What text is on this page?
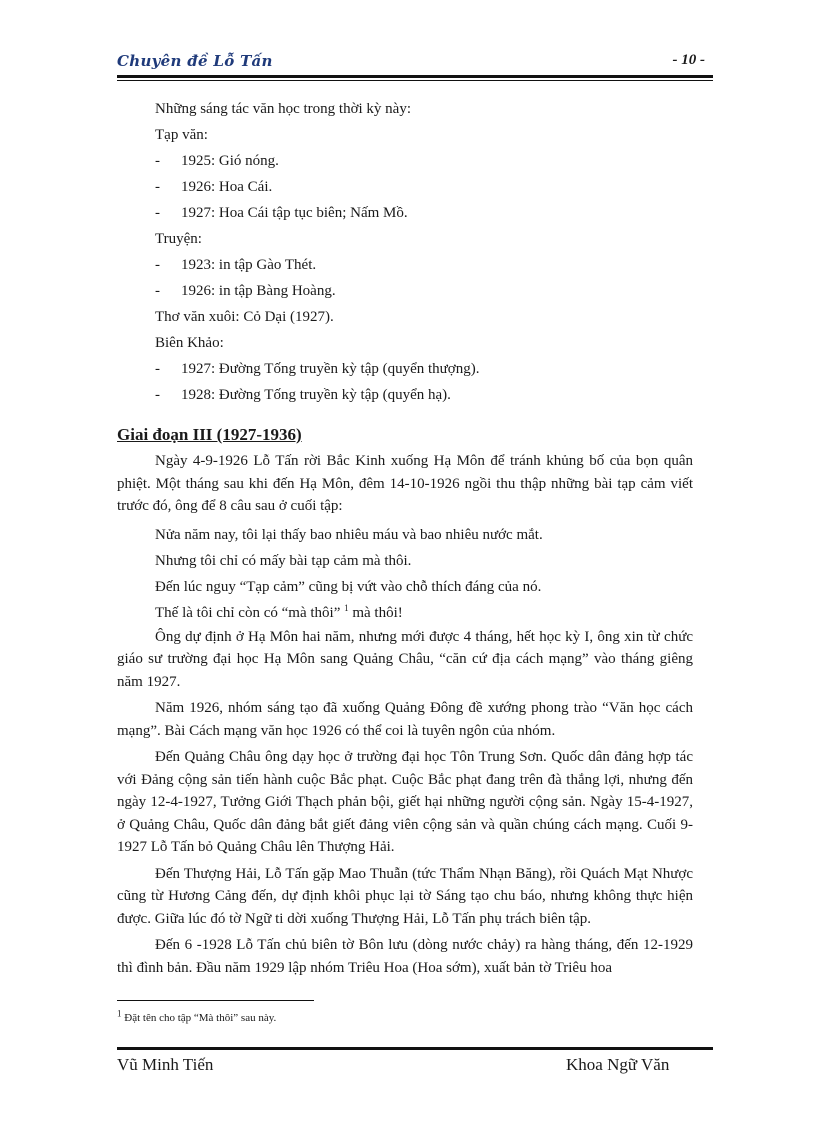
Chuyên đề Lỗ Tấn	- 10 -

Những sáng tác văn học trong thời kỳ này:

Tạp văn:

- 1925: Gió nóng.

- 1926: Hoa Cái.

- 1927: Hoa Cái tập tục biên; Nấm Mồ.

Truyện:

- 1923: in tập Gào Thét.

- 1926: in tập Bàng Hoàng.

Thơ văn xuôi: Cỏ Dại (1927).

Biên Khảo:

- 1927: Đường Tống truyền kỳ tập (quyển thượng).

- 1928: Đường Tống truyền kỳ tập (quyển hạ).

Giai đoạn III (1927-1936)

Ngày 4-9-1926 Lỗ Tấn rời Bắc Kinh xuống Hạ Môn để tránh khủng bố của bọn quân phiệt. Một tháng sau khi đến Hạ Môn, đêm 14-10-1926 ngồi thu thập những bài tạp cảm viết trước đó, ông để 8 câu sau ở cuối tập:

Nửa năm nay, tôi lại thấy bao nhiêu máu và bao nhiêu nước mắt.

Nhưng tôi chỉ có mấy bài tạp cảm mà thôi.

Đến lúc nguy “Tạp cảm” cũng bị vứt vào chỗ thích đáng của nó.

Thế là tôi chỉ còn có “mà thôi” $^1$ mà thôi!

Ông dự định ở Hạ Môn hai năm, nhưng mới được 4 tháng, hết học kỳ I, ông xin từ chức giáo sư trường đại học Hạ Môn sang Quảng Châu, “căn cứ địa cách mạng” vào tháng giêng năm 1927.

Năm 1926, nhóm sáng tạo đã xuống Quảng Đông đề xướng phong trào “Văn học cách mạng”. Bài Cách mạng văn học 1926 có thể coi là tuyên ngôn của nhóm.

Đến Quảng Châu ông dạy học ở trường đại học Tôn Trung Sơn. Quốc dân đảng hợp tác với Đảng cộng sản tiến hành cuộc Bắc phạt. Cuộc Bắc phạt đang trên đà thắng lợi, nhưng đến ngày 12-4-1927, Tưởng Giới Thạch phản bội, giết hại những người cộng sản. Ngày 15-4-1927, ở Quảng Châu, Quốc dân đảng bắt giết đảng viên cộng sản và quần chúng cách mạng. Cuối 9-1927 Lỗ Tấn bỏ Quảng Châu lên Thượng Hải.

Đến Thượng Hải, Lỗ Tấn gặp Mao Thuẫn (tức Thẩm Nhạn Băng), rồi Quách Mạt Nhược cũng từ Hương Cảng đến, dự định khôi phục lại tờ Sáng tạo chu báo, nhưng không thực hiện được. Giữa lúc đó tờ Ngữ ti dời xuống Thượng Hải, Lỗ Tấn phụ trách biên tập.

Đến 6 -1928 Lỗ Tấn chủ biên tờ Bôn lưu (dòng nước chảy) ra hàng tháng, đến 12-1929 thì đình bản. Đầu năm 1929 lập nhóm Triêu Hoa (Hoa sớm), xuất bản tờ Triêu hoa

$^1$ Đặt tên cho tập “Mà thôi” sau này.
Vũ Minh Tiến	Khoa Ngữ Văn
